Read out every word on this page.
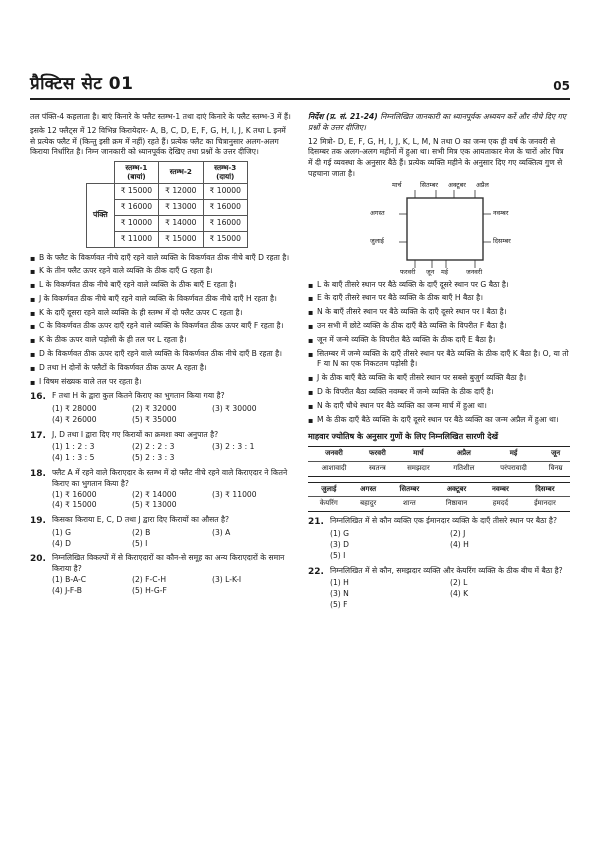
प्रैक्टिस सेट 01	05

तल पंक्ति-4 कहलाता है। बाएं किनारे के फ्लैट स्तम्भ-1 तथा दाएं किनारे के फ्लैट स्तम्भ-3 में हैं।

इसके 12 फ्लैट्स में 12 विभिन्न किरायेदार- A, B, C, D, E, F, G, H, I, J, K तथा L इनमें से प्रत्येक फ्लैट में (किन्तु इसी क्रम में नहीं) रहते हैं। प्रत्येक फ्लैट का चित्रानुसार अलग-अलग किराया निर्धारित है। निम्न जानकारी को ध्यानपूर्वक देखिए तथा प्रश्नों के उत्तर दीजिए।

	स्तम्भ-1
(बायां)	स्तम्भ-2	स्तम्भ-3
(दायां)
पंक्ति	₹ 15000	₹ 12000	₹ 10000
	₹ 16000	₹ 13000	₹ 16000
	₹ 10000	₹ 14000	₹ 16000
	₹ 11000	₹ 15000	₹ 15000
▪ B के फ्लैट के विकर्णवत नीचे दाएँ रहने वाले व्यक्ति के विकर्णवत ठीक नीचे बाएँ D रहता है।
▪ K के तीन फ्लैट ऊपर रहने वाले व्यक्ति के ठीक दाएँ G रहता है।
▪ L के विकर्णवत ठीक नीचे बाएँ रहने वाले व्यक्ति के ठीक बाएँ E रहता है।
▪ J के विकर्णवत ठीक नीचे बाएँ रहने वाले व्यक्ति के विकर्णवत ठीक नीचे दाएँ H रहता है।
▪ K के दाएँ दूसरा रहने वाले व्यक्ति के ही स्तम्भ में दो फ्लैट ऊपर C रहता है।
▪ C के विकर्णवत ठीक ऊपर दाएँ रहने वाले व्यक्ति के विकर्णवत ठीक ऊपर बाएँ F रहता है।
▪ K के ठीक ऊपर वाले पड़ोसी के ही तल पर L रहता है।
▪ D के विकर्णवत ठीक ऊपर दाएँ रहने वाले व्यक्ति के विकर्णवत ठीक नीचे दाएँ B रहता है।
▪ D तथा H दोनों के फ्लैटों के विकर्णवत ठीक ऊपर A रहता है।
▪ I विषम संख्यक वाले तल पर रहता है।
16. F तथा H के द्वारा कुल कितने किराए का भुगतान किया गया है?
(1) ₹ 28000	(2) ₹ 32000	(3) ₹ 30000
(4) ₹ 26000	(5) ₹ 35000
17. J, D तथा I द्वारा दिए गए किरायों का क्रमशः क्या अनुपात है?
(1) 1 : 2 : 3	(2) 2 : 2 : 3	(3) 2 : 3 : 1
(4) 1 : 3 : 5	(5) 2 : 3 : 3
18. फ्लैट A में रहने वाले किराएदार के स्तम्भ में दो फ्लैट नीचे रहने वाले किराएदार ने कितने किराए का भुगतान किया है?
(1) ₹ 16000	(2) ₹ 14000	(3) ₹ 11000
(4) ₹ 15000	(5) ₹ 13000
19. किसका किराया E, C, D तथा J द्वारा दिए किरायों का औसत है?
(1) G	(2) B	(3) A
(4) D	(5) I
20. निम्नलिखित विकल्पों में से किराएदारों का कौन-से समूह का अन्य किराएदारों के समान किराया है?
(1) B-A-C	(2) F-C-H	(3) L-K-I
(4) J-F-B	(5) H-G-F

निर्देश (प्र. सं. 21-24) निम्नलिखित जानकारी का ध्यानपूर्वक अध्ययन करें और नीचे दिए गए प्रश्नों के उत्तर दीजिए।

12 मित्रो- D, E, F, G, H, I, J, K, L, M, N तथा O का जन्म एक ही वर्ष के जनवरी से दिसम्बर तक अलग-अलग महीनों में हुआ था। सभी मित्र एक आयताकार मेज के चारों ओर चित्र में दी गई व्यवस्था के अनुसार बैठे हैं। प्रत्येक व्यक्ति महीने के अनुसार दिए गए व्यक्तित्व गुण से पहचाना जाता है।

मार्च	सितम्बर अक्टूबर अप्रैल
अगस्त
जुलाई
नवम्बर
दिसम्बर
फरवरी जून मई	जनवरी
▪ L के बाएँ तीसरे स्थान पर बैठे व्यक्ति के दाएँ दूसरे स्थान पर G बैठा है।
▪ E के दाएँ तीसरे स्थान पर बैठे व्यक्ति के ठीक बाएँ H बैठा है।
▪ N के बाएँ तीसरे स्थान पर बैठे व्यक्ति के दाएँ दूसरे स्थान पर I बैठा है।
▪ उन सभी में छोटे व्यक्ति के ठीक दाएँ बैठे व्यक्ति के विपरीत F बैठा है।
▪ जून में जन्मे व्यक्ति के विपरीत बैठे व्यक्ति के ठीक दाएँ E बैठा है।
▪ सितम्बर में जन्मे व्यक्ति के दाएँ तीसरे स्थान पर बैठे व्यक्ति के ठीक दाएँ K बैठा है। O, या तो F या N का एक निकटतम पड़ोसी है।
▪ J के ठीक बाएँ बैठे व्यक्ति के बाएँ तीसरे स्थान पर सबसे बुजुर्ग व्यक्ति बैठा है।
▪ D के विपरीत बैठा व्यक्ति नवम्बर में जन्मे व्यक्ति के ठीक दाएँ है।
▪ N के दाएँ चौथे स्थान पर बैठे व्यक्ति का जन्म मार्च में हुआ था।
▪ M के ठीक दाएँ बैठे व्यक्ति के दाएँ दूसरे स्थान पर बैठे व्यक्ति का जन्म अप्रैल में हुआ था।
माहवार ज्योतिष के अनुसार गुणों के लिए निम्नलिखित सारणी देखें
जनवरी	फरवरी	मार्च	अप्रैल	मई	जून
आशावादी	स्वतन्त्र	समझदार	गतिशील	परंपरावादी	विनम्र
जुलाई	अगस्त	सितम्बर	अक्टूबर	नवम्बर	दिसम्बर
केयरिंग	बहादुर	शान्त	निष्ठावान	हमदर्द	ईमानदार
21. निम्नलिखित में से कौन व्यक्ति एक ईमानदार व्यक्ति के दाएँ तीसरे स्थान पर बैठा है?
(1) G	(2) J
(3) D	(4) H
(5) I
22. निम्नलिखित में से कौन, समझदार व्यक्ति और केयरिंग व्यक्ति के ठीक बीच में बैठा है?
(1) H	(2) L
(3) N	(4) K
(5) F
